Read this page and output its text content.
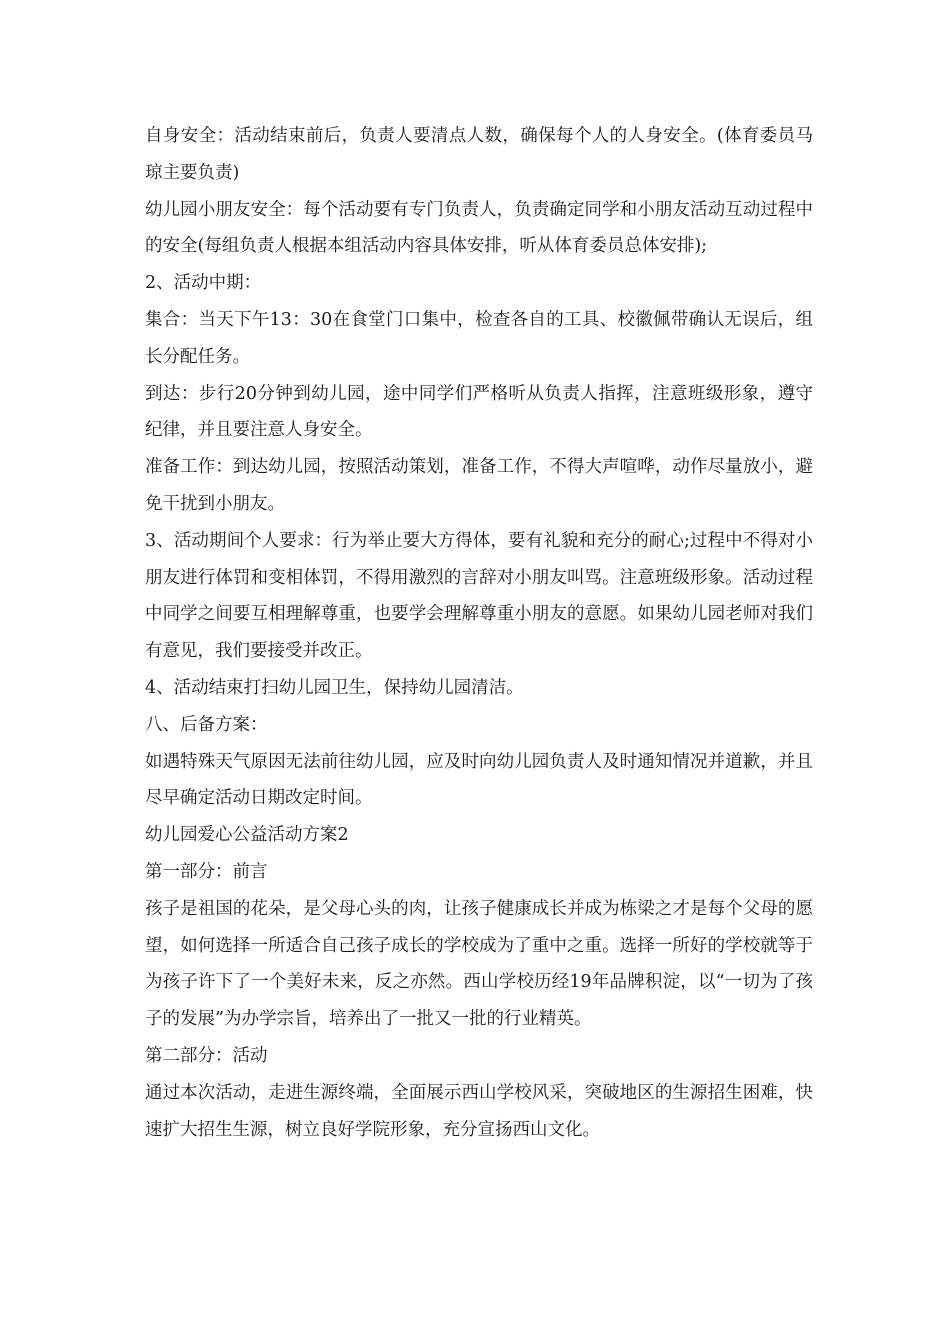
自身安全：活动结束前后，负责人要清点人数，确保每个人的人身安全。(体育委员马琼主要负责)

幼儿园小朋友安全：每个活动要有专门负责人，负责确定同学和小朋友活动互动过程中的安全(每组负责人根据本组活动内容具体安排，听从体育委员总体安排);

2、活动中期：

集合：当天下午13：30在食堂门口集中，检查各自的工具、校徽佩带确认无误后，组长分配任务。

到达：步行20分钟到幼儿园，途中同学们严格听从负责人指挥，注意班级形象，遵守纪律，并且要注意人身安全。

准备工作：到达幼儿园，按照活动策划，准备工作，不得大声喧哗，动作尽量放小，避免干扰到小朋友。

3、活动期间个人要求：行为举止要大方得体，要有礼貌和充分的耐心;过程中不得对小朋友进行体罚和变相体罚，不得用激烈的言辞对小朋友叫骂。注意班级形象。活动过程中同学之间要互相理解尊重，也要学会理解尊重小朋友的意愿。如果幼儿园老师对我们有意见，我们要接受并改正。

4、活动结束打扫幼儿园卫生，保持幼儿园清洁。

八、后备方案：

如遇特殊天气原因无法前往幼儿园，应及时向幼儿园负责人及时通知情况并道歉，并且尽早确定活动日期改定时间。

幼儿园爱心公益活动方案2

第一部分：前言

孩子是祖国的花朵，是父母心头的肉，让孩子健康成长并成为栋梁之才是每个父母的愿望，如何选择一所适合自己孩子成长的学校成为了重中之重。选择一所好的学校就等于为孩子许下了一个美好未来，反之亦然。西山学校历经19年品牌积淀，以“一切为了孩子的发展”为办学宗旨，培养出了一批又一批的行业精英。

第二部分：活动

通过本次活动，走进生源终端，全面展示西山学校风采，突破地区的生源招生困难，快速扩大招生生源，树立良好学院形象，充分宣扬西山文化。
